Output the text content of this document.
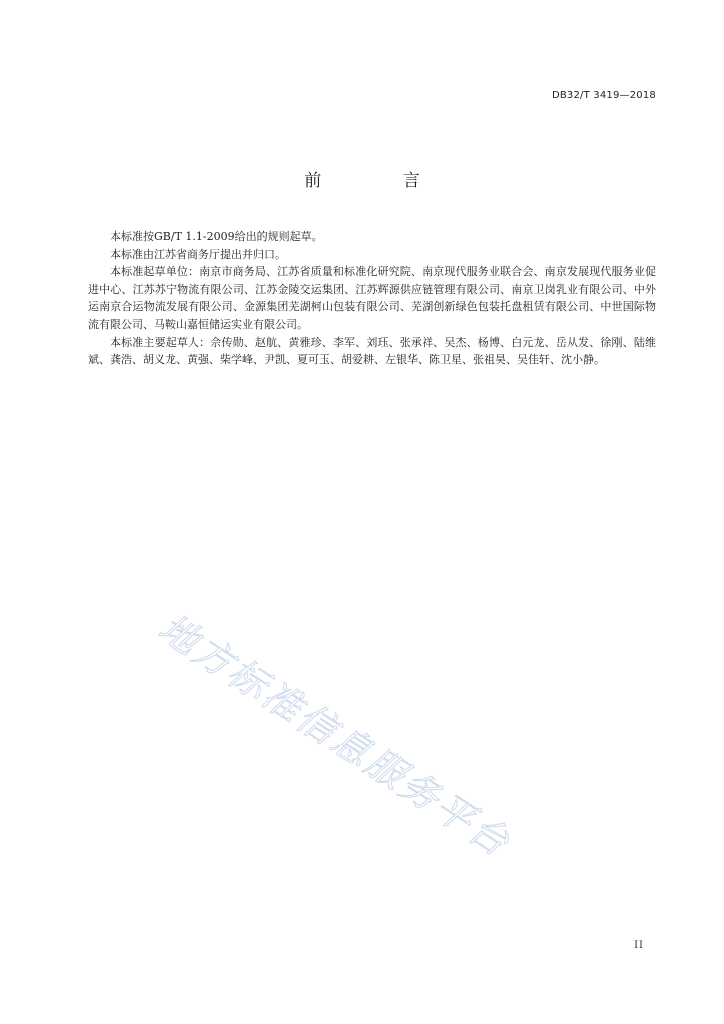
DB32/T 3419—2018
前 言

本标准按GB/T 1.1-2009给出的规则起草。

本标准由江苏省商务厅提出并归口。

本标准起草单位：南京市商务局、江苏省质量和标准化研究院、南京现代服务业联合会、南京发展现代服务业促进中心、江苏苏宁物流有限公司、江苏金陵交运集团、江苏辉源供应链管理有限公司、南京卫岗乳业有限公司、中外运南京合运物流发展有限公司、金源集团芜湖柯山包装有限公司、芜湖创新绿色包装托盘租赁有限公司、中世国际物流有限公司、马鞍山嘉恒储运实业有限公司。

本标准主要起草人：佘传勋、赵航、黄雅珍、李军、刘珏、张承祥、吴杰、杨博、白元龙、岳从发、徐刚、陆维斌、龚浩、胡义龙、黄强、柴学峰、尹凯、夏可玉、胡爱耕、左银华、陈卫星、张祖昊、吴佳轩、沈小静。

地方标准信息服务平台
II
